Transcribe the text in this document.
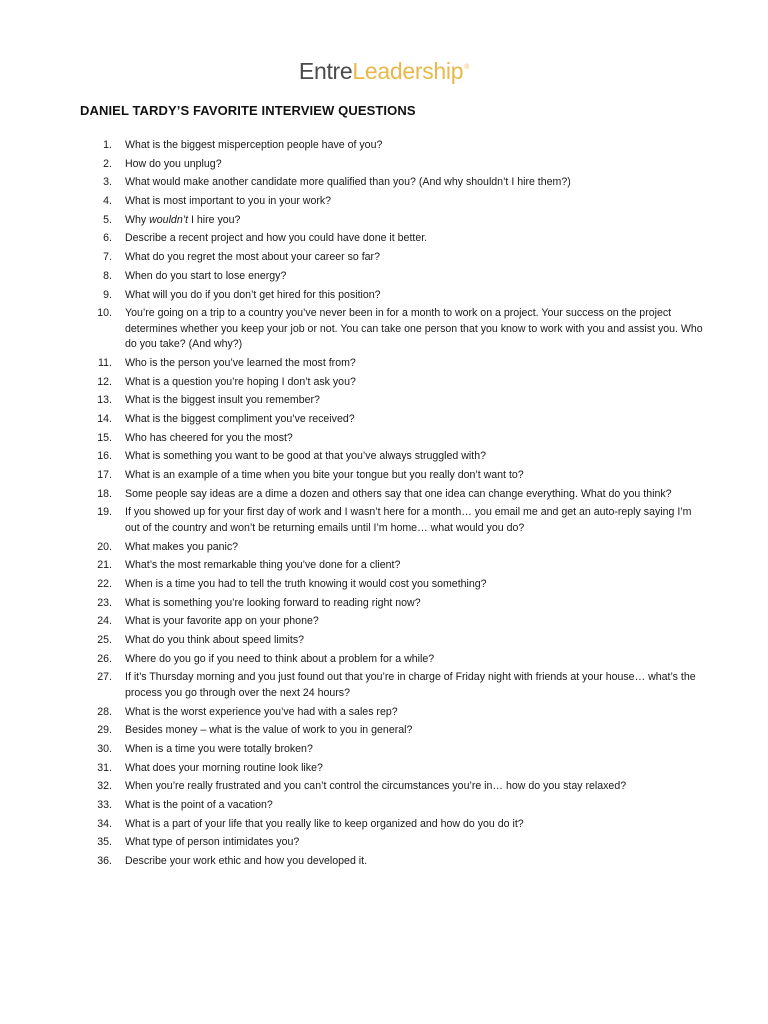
EntreLeadership®
DANIEL TARDY’S FAVORITE INTERVIEW QUESTIONS
1. What is the biggest misperception people have of you?
2. How do you unplug?
3. What would make another candidate more qualified than you? (And why shouldn’t I hire them?)
4. What is most important to you in your work?
5. Why wouldn’t I hire you?
6. Describe a recent project and how you could have done it better.
7. What do you regret the most about your career so far?
8. When do you start to lose energy?
9. What will you do if you don’t get hired for this position?
10. You’re going on a trip to a country you’ve never been in for a month to work on a project. Your success on the project determines whether you keep your job or not. You can take one person that you know to work with you and assist you. Who do you take? (And why?)
11. Who is the person you’ve learned the most from?
12. What is a question you’re hoping I don’t ask you?
13. What is the biggest insult you remember?
14. What is the biggest compliment you’ve received?
15. Who has cheered for you the most?
16. What is something you want to be good at that you’ve always struggled with?
17. What is an example of a time when you bite your tongue but you really don’t want to?
18. Some people say ideas are a dime a dozen and others say that one idea can change everything. What do you think?
19. If you showed up for your first day of work and I wasn’t here for a month… you email me and get an auto-reply saying I’m out of the country and won’t be returning emails until I’m home… what would you do?
20. What makes you panic?
21. What’s the most remarkable thing you’ve done for a client?
22. When is a time you had to tell the truth knowing it would cost you something?
23. What is something you’re looking forward to reading right now?
24. What is your favorite app on your phone?
25. What do you think about speed limits?
26. Where do you go if you need to think about a problem for a while?
27. If it’s Thursday morning and you just found out that you’re in charge of Friday night with friends at your house… what’s the process you go through over the next 24 hours?
28. What is the worst experience you’ve had with a sales rep?
29. Besides money – what is the value of work to you in general?
30. When is a time you were totally broken?
31. What does your morning routine look like?
32. When you’re really frustrated and you can’t control the circumstances you’re in… how do you stay relaxed?
33. What is the point of a vacation?
34. What is a part of your life that you really like to keep organized and how do you do it?
35. What type of person intimidates you?
36. Describe your work ethic and how you developed it.
